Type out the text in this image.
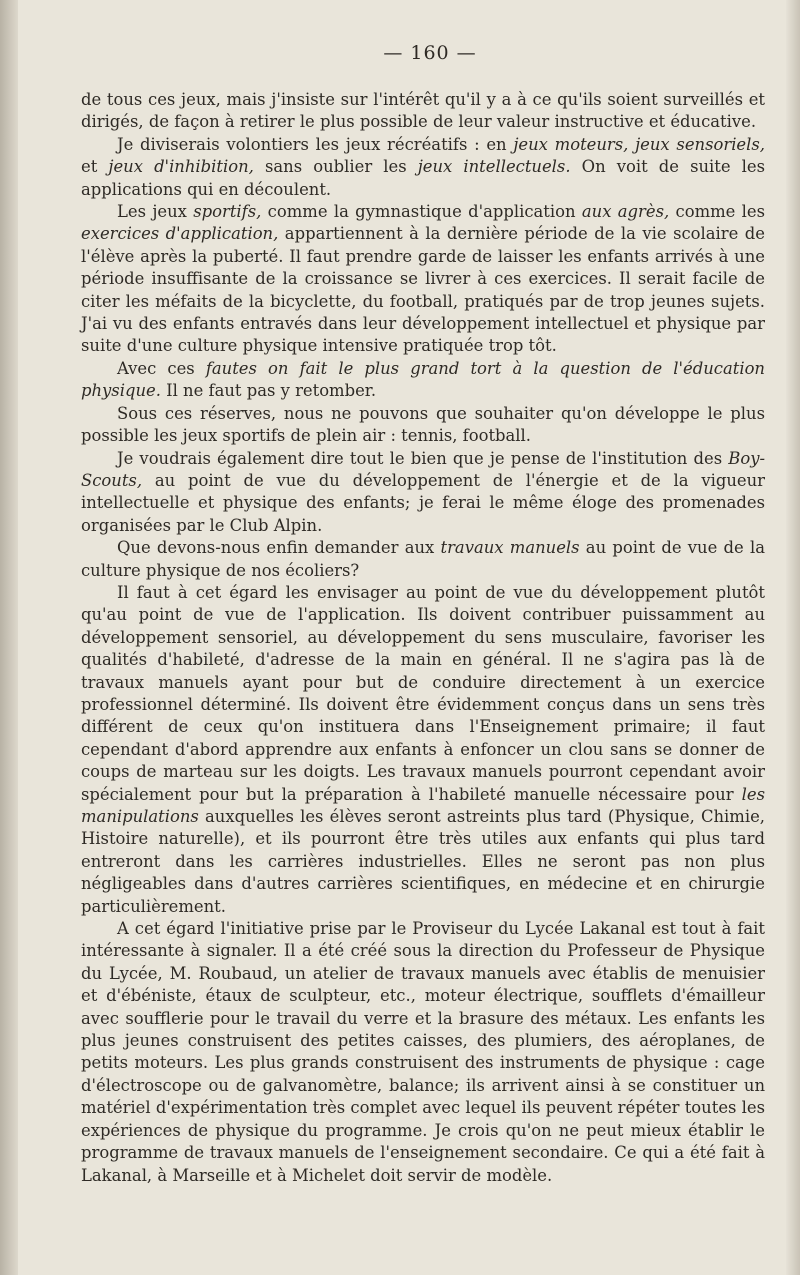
— 160 —

de tous ces jeux, mais j'insiste sur l'intérêt qu'il y a à ce qu'ils soient surveillés et dirigés, de façon à retirer le plus possible de leur valeur instructive et éducative.

Je diviserais volontiers les jeux récréatifs : en jeux moteurs, jeux sensoriels, et jeux d'inhibition, sans oublier les jeux intellectuels. On voit de suite les applications qui en découlent.

Les jeux sportifs, comme la gymnastique d'application aux agrès, comme les exercices d'application, appartiennent à la dernière période de la vie scolaire de l'élève après la puberté. Il faut prendre garde de laisser les enfants arrivés à une période insuffisante de la croissance se livrer à ces exercices. Il serait facile de citer les méfaits de la bicyclette, du football, pratiqués par de trop jeunes sujets. J'ai vu des enfants entravés dans leur développement intellectuel et physique par suite d'une culture physique intensive pratiquée trop tôt.

Avec ces fautes on fait le plus grand tort à la question de l'éducation physique. Il ne faut pas y retomber.

Sous ces réserves, nous ne pouvons que souhaiter qu'on développe le plus possible les jeux sportifs de plein air : tennis, football.

Je voudrais également dire tout le bien que je pense de l'institution des Boy-Scouts, au point de vue du développement de l'énergie et de la vigueur intellectuelle et physique des enfants; je ferai le même éloge des promenades organisées par le Club Alpin.

Que devons-nous enfin demander aux travaux manuels au point de vue de la culture physique de nos écoliers?

Il faut à cet égard les envisager au point de vue du développement plutôt qu'au point de vue de l'application. Ils doivent contribuer puissamment au développement sensoriel, au développement du sens musculaire, favoriser les qualités d'habileté, d'adresse de la main en général. Il ne s'agira pas là de travaux manuels ayant pour but de conduire directement à un exercice professionnel déterminé. Ils doivent être évidemment conçus dans un sens très différent de ceux qu'on instituera dans l'Enseignement primaire; il faut cependant d'abord apprendre aux enfants à enfoncer un clou sans se donner de coups de marteau sur les doigts. Les travaux manuels pourront cependant avoir spécialement pour but la préparation à l'habileté manuelle nécessaire pour les manipulations auxquelles les élèves seront astreints plus tard (Physique, Chimie, Histoire naturelle), et ils pourront être très utiles aux enfants qui plus tard entreront dans les carrières industrielles. Elles ne seront pas non plus négligeables dans d'autres carrières scientifiques, en médecine et en chirurgie particulièrement.

A cet égard l'initiative prise par le Proviseur du Lycée Lakanal est tout à fait intéressante à signaler. Il a été créé sous la direction du Professeur de Physique du Lycée, M. Roubaud, un atelier de travaux manuels avec établis de menuisier et d'ébéniste, étaux de sculpteur, etc., moteur électrique, soufflets d'émailleur avec soufflerie pour le travail du verre et la brasure des métaux. Les enfants les plus jeunes construisent des petites caisses, des plumiers, des aéroplanes, de petits moteurs. Les plus grands construisent des instruments de physique : cage d'électroscope ou de galvanomètre, balance; ils arrivent ainsi à se constituer un matériel d'expérimentation très complet avec lequel ils peuvent répéter toutes les expériences de physique du programme. Je crois qu'on ne peut mieux établir le programme de travaux manuels de l'enseignement secondaire. Ce qui a été fait à Lakanal, à Marseille et à Michelet doit servir de modèle.
